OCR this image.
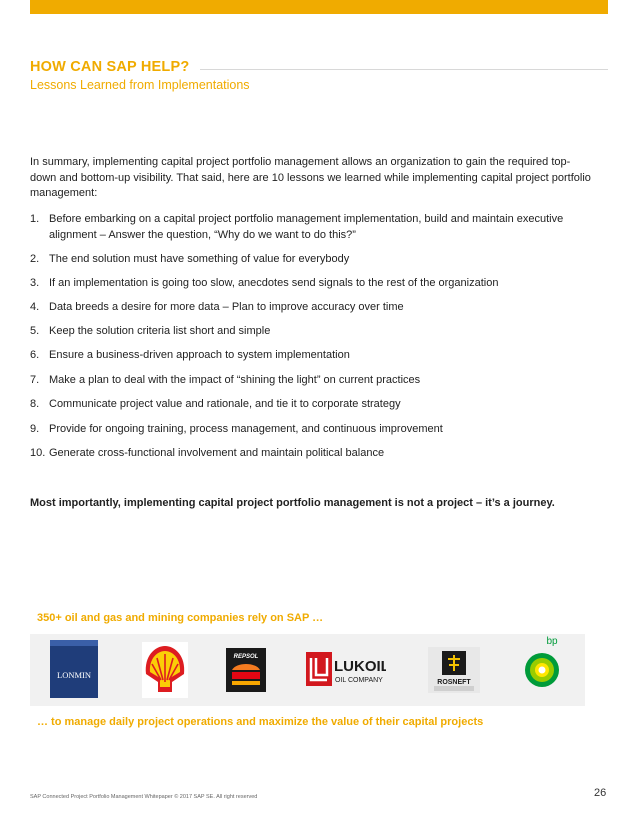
HOW CAN SAP HELP?
Lessons Learned from Implementations
In summary, implementing capital project portfolio management allows an organization to gain the required top-down and bottom-up visibility. That said, here are 10 lessons we learned while implementing capital project portfolio management:
1. Before embarking on a capital project portfolio management implementation, build and maintain executive alignment – Answer the question, “Why do we want to do this?”
2. The end solution must have something of value for everybody
3. If an implementation is going too slow, anecdotes send signals to the rest of the organization
4. Data breeds a desire for more data – Plan to improve accuracy over time
5. Keep the solution criteria list short and simple
6. Ensure a business-driven approach to system implementation
7. Make a plan to deal with the impact of “shining the light” on current practices
8. Communicate project value and rationale, and tie it to corporate strategy
9. Provide for ongoing training, process management, and continuous improvement
10. Generate cross-functional involvement and maintain political balance
Most importantly, implementing capital project portfolio management is not a project – it’s a journey.
350+ oil and gas and mining companies rely on SAP …
LONMIN
REPSOL
LUKOIL
OIL COMPANY	ROSNEFT
bp
… to manage daily project operations and maximize the value of their capital projects
SAP Connected Project Portfolio Management Whitepaper © 2017 SAP SE. All right reserved	26
